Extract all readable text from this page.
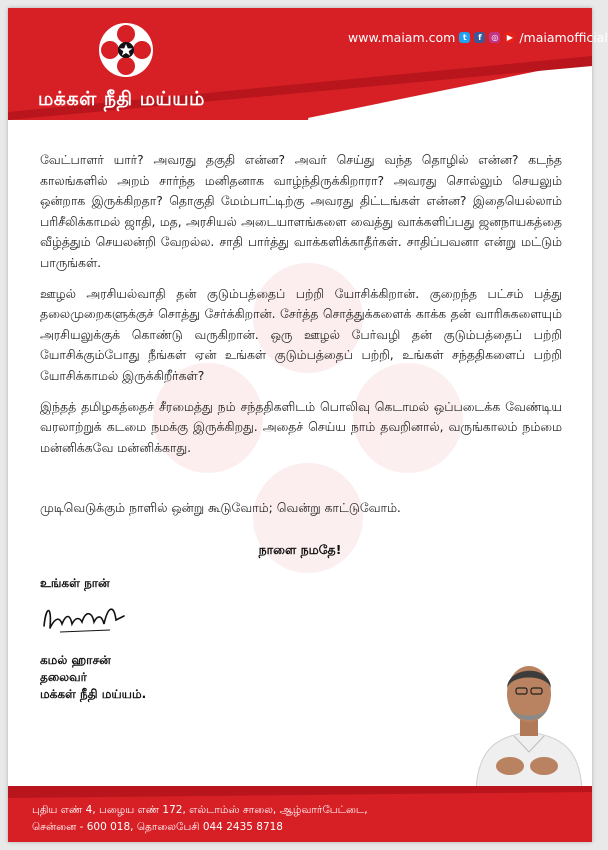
மக்கள் நீதி மய்யம்
www.maiam.com t	f	◎	▶ /maiamofficial

வேட்பாளர் யார்? அவரது தகுதி என்ன? அவர் செய்து வந்த தொழில் என்ன? கடந்த காலங்களில் அறம் சார்ந்த மனிதனாக வாழ்ந்திருக்கிறாரா? அவரது சொல்லும் செயலும் ஒன்றாக இருக்கிறதா? தொகுதி மேம்பாட்டிற்கு அவரது திட்டங்கள் என்ன? இதையெல்லாம் பரிசீலிக்காமல் ஜாதி, மத, அரசியல் அடையாளங்களை வைத்து வாக்களிப்பது ஜனநாயகத்தை வீழ்த்தும் செயலன்றி வேறல்ல. சாதி பார்த்து வாக்களிக்காதீர்கள். சாதிப்பவனா என்று மட்டும் பாருங்கள்.

ஊழல் அரசியல்வாதி தன் குடும்பத்தைப் பற்றி யோசிக்கிறான். குறைந்த பட்சம் பத்து தலைமுறைகளுக்குச் சொத்து சேர்க்கிறான். சேர்த்த சொத்துக்களைக் காக்க தன் வாரிசுகளையும் அரசியலுக்குக் கொண்டு வருகிறான். ஒரு ஊழல் பேர்வழி தன் குடும்பத்தைப் பற்றி யோசிக்கும்போது நீங்கள் ஏன் உங்கள் குடும்பத்தைப் பற்றி, உங்கள் சந்ததிகளைப் பற்றி யோசிக்காமல் இருக்கிறீர்கள்?

இந்தத் தமிழகத்தைச் சீரமைத்து நம் சந்ததிகளிடம் பொலிவு கெடாமல் ஒப்படைக்க வேண்டிய வரலாற்றுக் கடமை நமக்கு இருக்கிறது. அதைச் செய்ய நாம் தவறினால், வருங்காலம் நம்மை மன்னிக்கவே மன்னிக்காது.

முடிவெடுக்கும் நாளில் ஒன்று கூடுவோம்; வென்று காட்டுவோம்.
நாளை நமதே!
உங்கள் நான்
கமல் ஹாசன்
தலைவர்
மக்கள் நீதி மய்யம்.
புதிய எண் 4, பழைய எண் 172, எல்டாம்ஸ் சாலை, ஆழ்வார்பேட்டை,
சென்னை - 600 018, தொலைபேசி 044 2435 8718
